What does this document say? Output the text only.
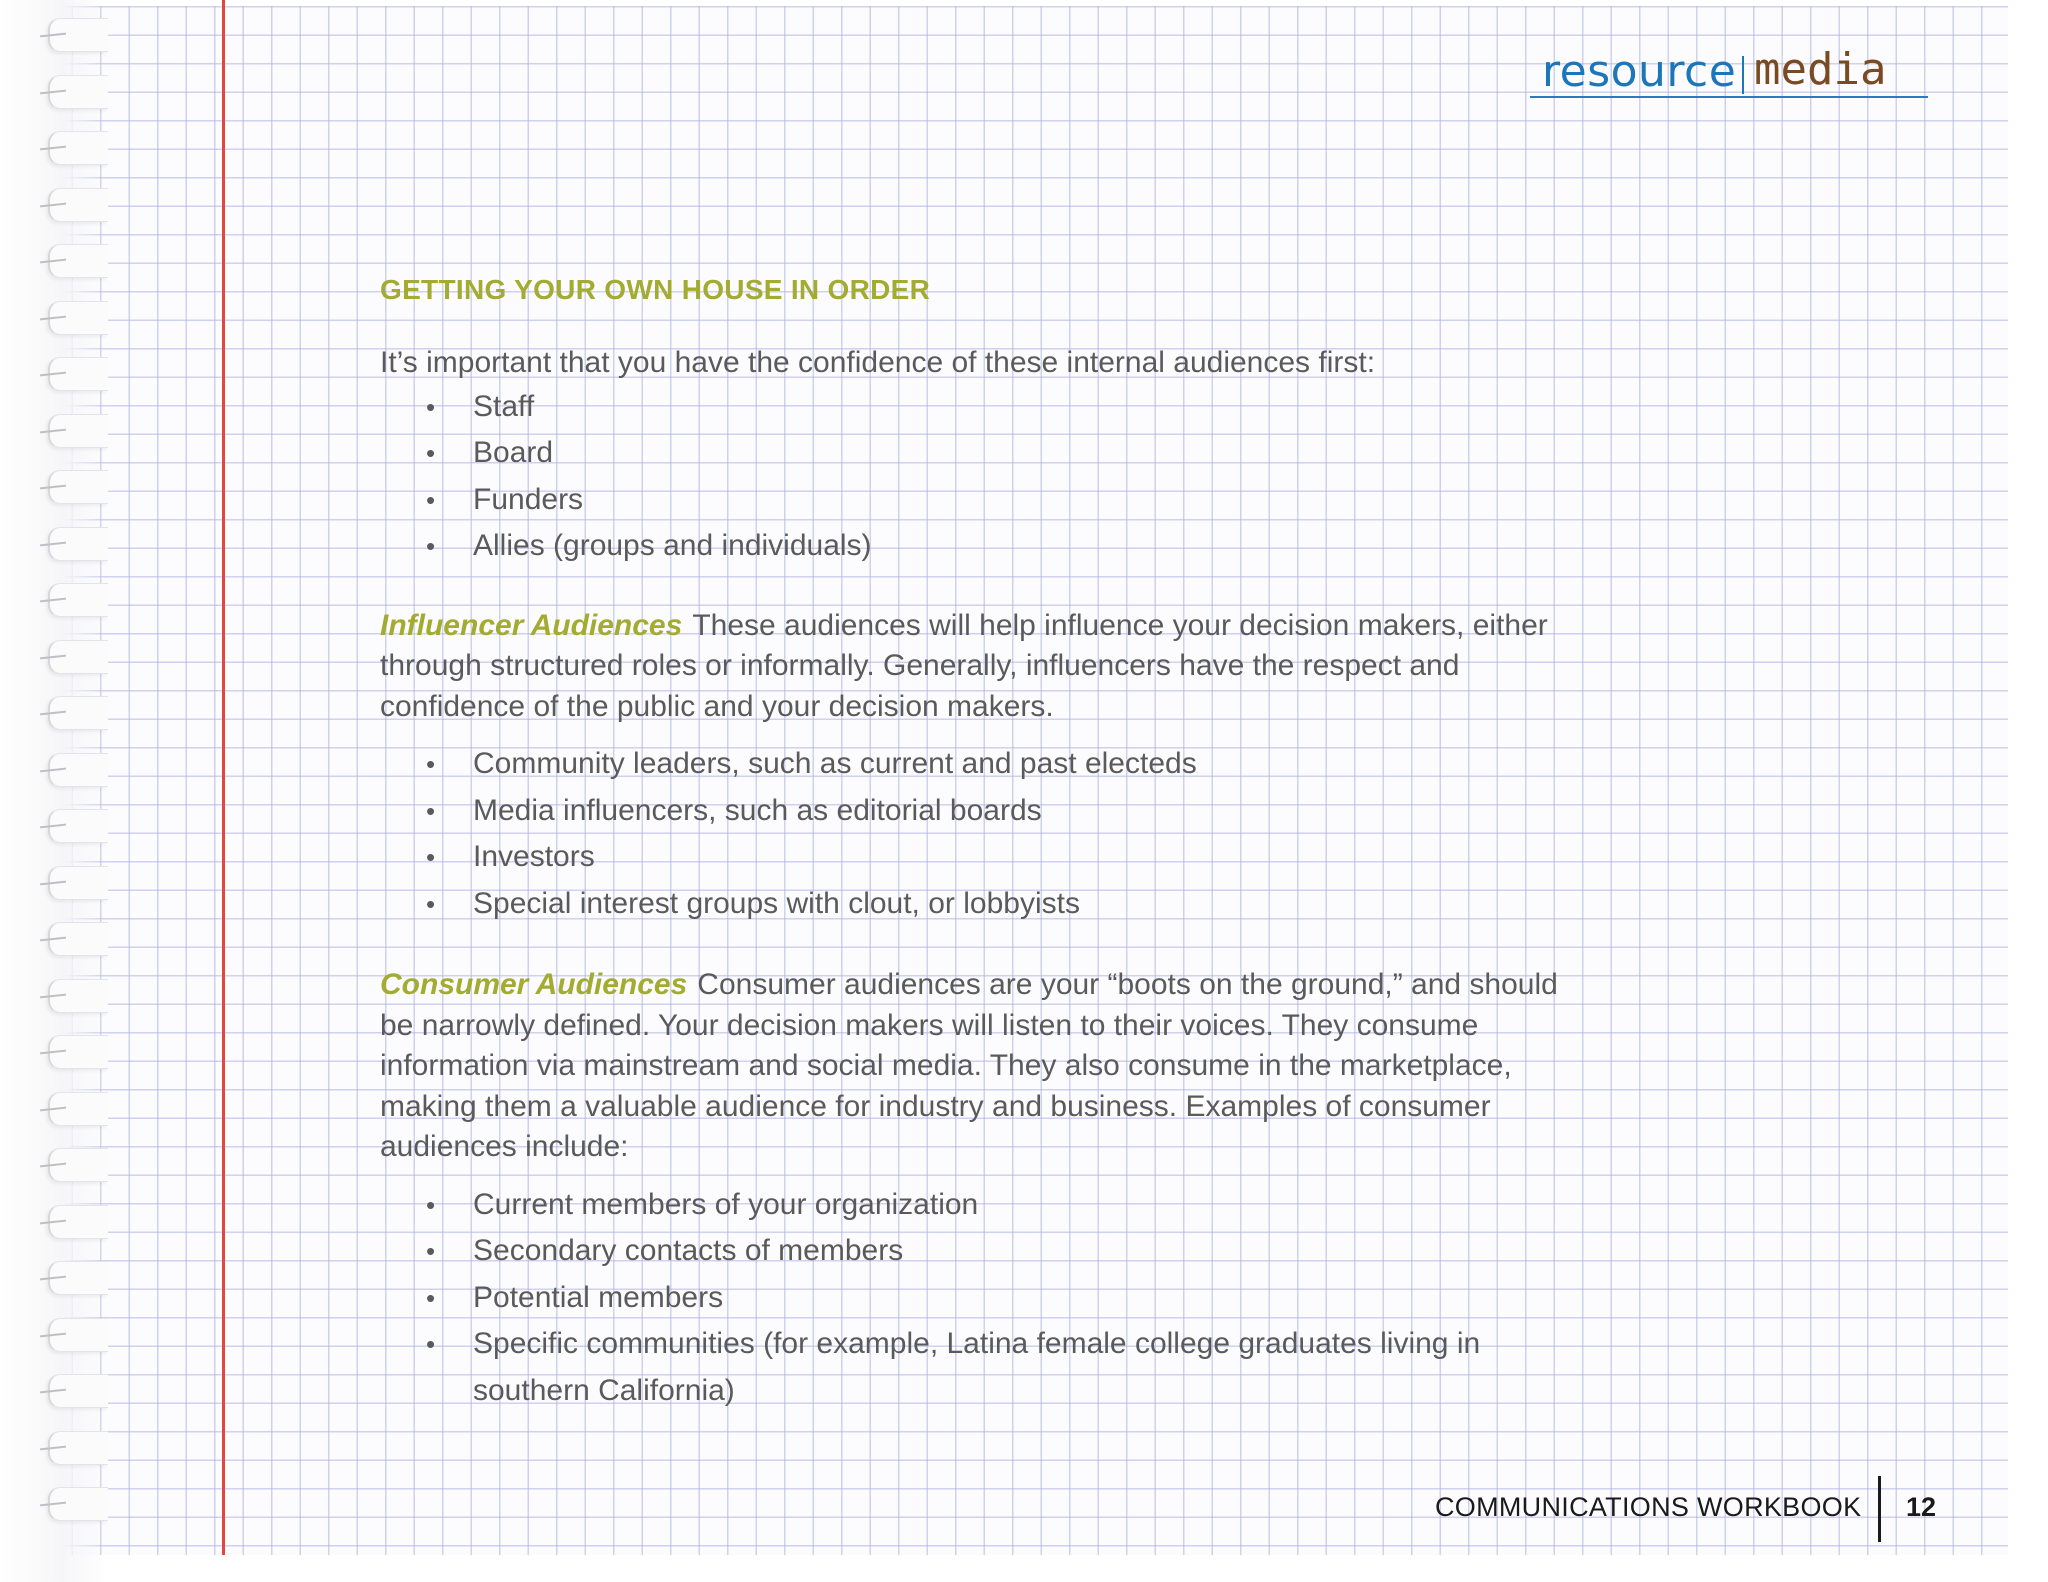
resource media
GETTING YOUR OWN HOUSE IN ORDER

It’s important that you have the confidence of these internal audiences first:

• Staff
• Board
• Funders
• Allies (groups and individuals)

Influencer Audiences These audiences will help influence your decision makers, either through structured roles or informally. Generally, influencers have the respect and confidence of the public and your decision makers.

• Community leaders, such as current and past electeds
• Media influencers, such as editorial boards
• Investors
• Special interest groups with clout, or lobbyists

Consumer Audiences Consumer audiences are your “boots on the ground,” and should be narrowly defined. Your decision makers will listen to their voices. They consume information via mainstream and social media. They also consume in the marketplace, making them a valuable audience for industry and business. Examples of consumer audiences include:

• Current members of your organization
• Secondary contacts of members
• Potential members
• Specific communities (for example, Latina female college graduates living in southern California)
COMMUNICATIONS WORKBOOK 12
